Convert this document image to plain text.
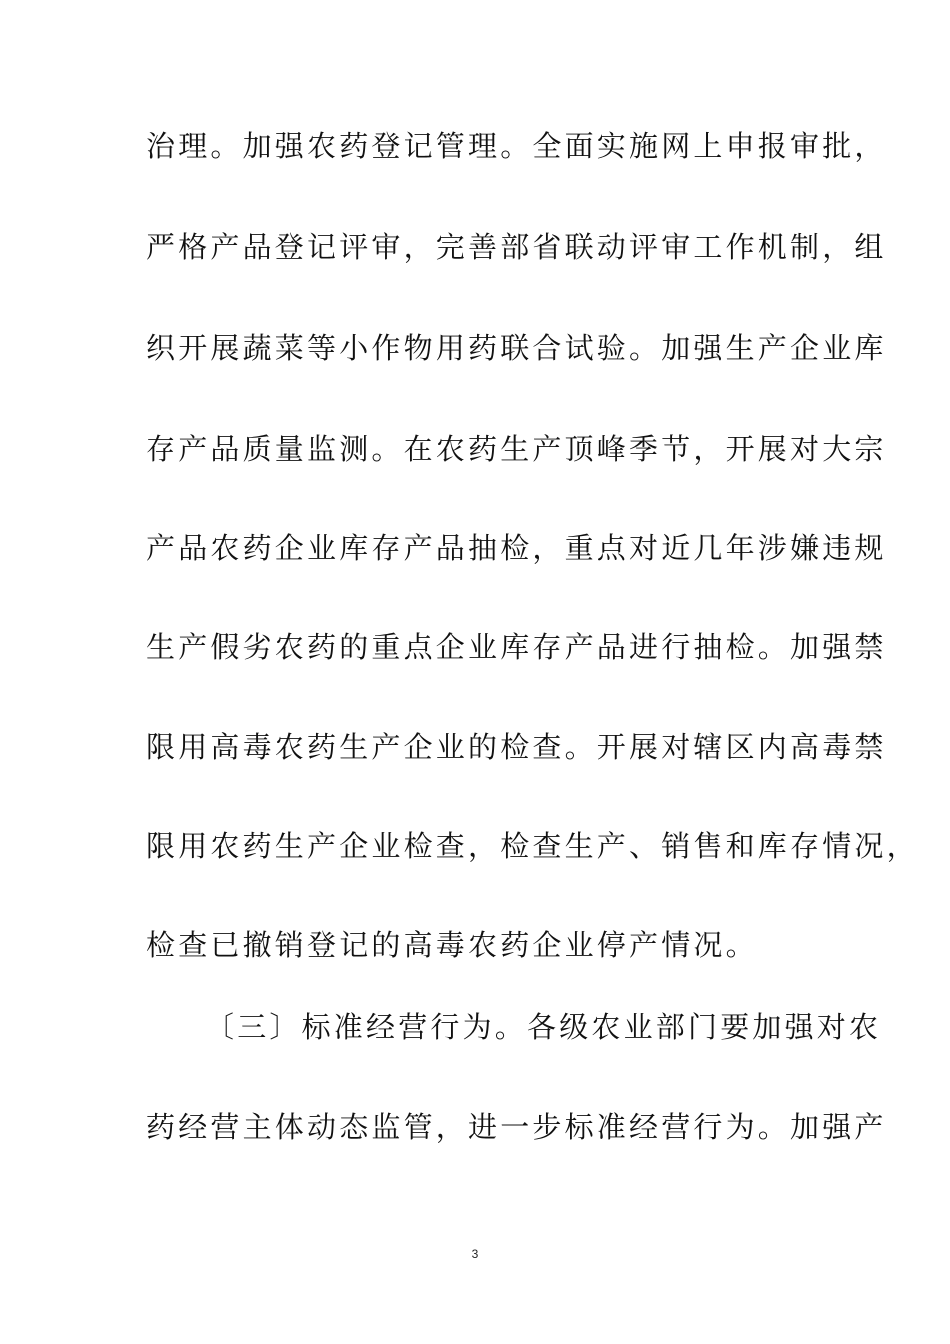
治理。加强农药登记管理。全面实施网上申报审批，
严格产品登记评审，完善部省联动评审工作机制，组
织开展蔬菜等小作物用药联合试验。加强生产企业库
存产品质量监测。在农药生产顶峰季节，开展对大宗
产品农药企业库存产品抽检，重点对近几年涉嫌违规
生产假劣农药的重点企业库存产品进行抽检。加强禁
限用高毒农药生产企业的检查。开展对辖区内高毒禁
限用农药生产企业检查，检查生产、销售和库存情况，
检查已撤销登记的高毒农药企业停产情况。
〔三〕标准经营行为。各级农业部门要加强对农
药经营主体动态监管，进一步标准经营行为。加强产
3
